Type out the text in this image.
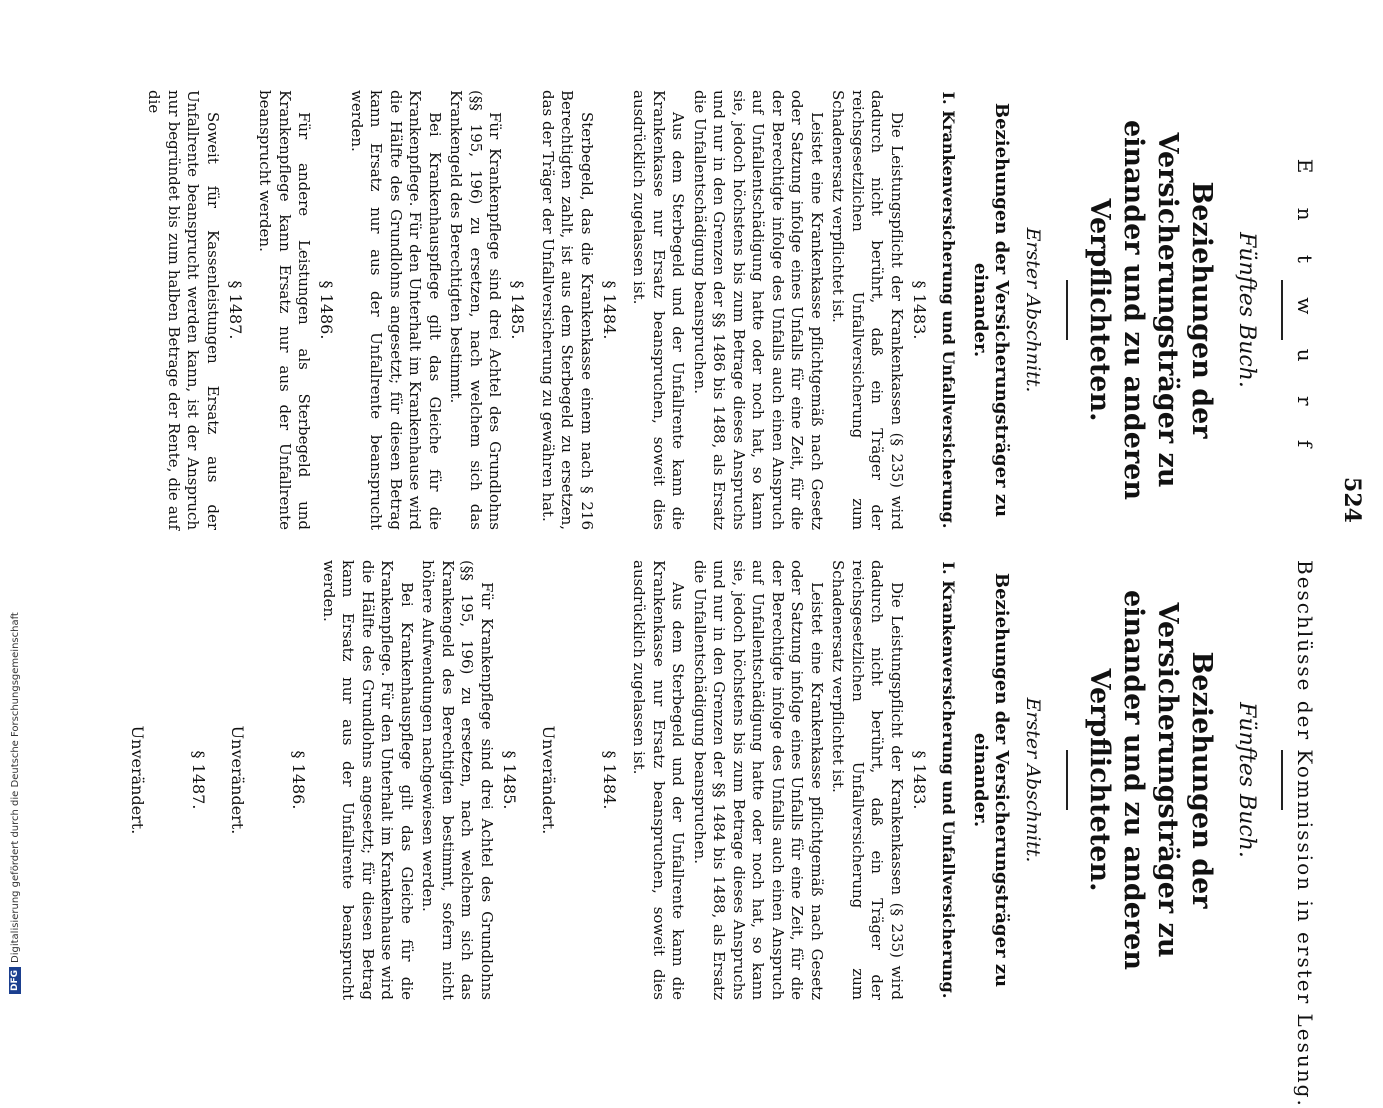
524
E n t w u r f
Fünftes Buch.
Beziehungen der Versicherungsträger zu einander und zu anderen Verpflichteten.
Erster Abschnitt.
Beziehungen der Versicherungsträger zu einander.
I. Krankenversicherung und Unfallversicherung.
§ 1483.

Die Leistungspflicht der Krankenkassen (§ 235) wird dadurch nicht berührt, daß ein Träger der reichsgesetzlichen Unfallversicherung zum Schadenersatz verpflichtet ist.

Leistet eine Krankenkasse pflichtgemäß nach Gesetz oder Satzung infolge eines Unfalls für eine Zeit, für die der Berechtigte infolge des Unfalls auch einen Anspruch auf Unfallentschädigung hatte oder noch hat, so kann sie, jedoch höchstens bis zum Betrage dieses Anspruchs und nur in den Grenzen der §§ 1486 bis 1488, als Ersatz die Unfallentschädigung beanspruchen.

Aus dem Sterbegeld und der Unfallrente kann die Krankenkasse nur Ersatz beanspruchen, soweit dies ausdrücklich zugelassen ist.

§ 1484.

Sterbegeld, das die Krankenkasse einem nach § 216 Berechtigten zahlt, ist aus dem Sterbegeld zu ersetzen, das der Träger der Unfallversicherung zu gewähren hat.

§ 1485.

Für Krankenpflege sind drei Achtel des Grundlohns (§§ 195, 196) zu ersetzen, nach welchem sich das Krankengeld des Berechtigten bestimmt.

Bei Krankenhauspflege gilt das Gleiche für die Krankenpflege. Für den Unterhalt im Krankenhause wird die Hälfte des Grundlohns angesetzt; für diesen Betrag kann Ersatz nur aus der Unfallrente beansprucht werden.

§ 1486.

Für andere Leistungen als Sterbegeld und Krankenpflege kann Ersatz nur aus der Unfallrente beansprucht werden.

§ 1487.

Soweit für Kassenleistungen Ersatz aus der Unfallrente beansprucht werden kann, ist der Anspruch nur begründet bis zum halben Betrage der Rente, die auf die

Beschlüsse der Kommission in erster Lesung.
Fünftes Buch.
Beziehungen der Versicherungsträger zu einander und zu anderen Verpflichteten.
Erster Abschnitt.
Beziehungen der Versicherungsträger zu einander.
I. Krankenversicherung und Unfallversicherung.
§ 1483.

Die Leistungspflicht der Krankenkassen (§ 235) wird dadurch nicht berührt, daß ein Träger der reichsgesetzlichen Unfallversicherung zum Schadenersatz verpflichtet ist.

Leistet eine Krankenkasse pflichtgemäß nach Gesetz oder Satzung infolge eines Unfalls für eine Zeit, für die der Berechtigte infolge des Unfalls auch einen Anspruch auf Unfallentschädigung hatte oder noch hat, so kann sie, jedoch höchstens bis zum Betrage dieses Anspruchs und nur in den Grenzen der §§ 1484 bis 1488, als Ersatz die Unfallentschädigung beanspruchen.

Aus dem Sterbegeld und der Unfallrente kann die Krankenkasse nur Ersatz beanspruchen, soweit dies ausdrücklich zugelassen ist.

§ 1484.
Unverändert.
§ 1485.

Für Krankenpflege sind drei Achtel des Grundlohns (§§ 195, 196) zu ersetzen, nach welchem sich das Krankengeld des Berechtigten bestimmt, sofern nicht höhere Aufwendungen nachgewiesen werden.

Bei Krankenhauspflege gilt das Gleiche für die Krankenpflege. Für den Unterhalt im Krankenhause wird die Hälfte des Grundlohns angesetzt; für diesen Betrag kann Ersatz nur aus der Unfallrente beansprucht werden.

§ 1486.
Unverändert.
§ 1487.
Unverändert.
DFG
Digitalisierung gefördert durch die Deutsche Forschungsgemeinschaft
